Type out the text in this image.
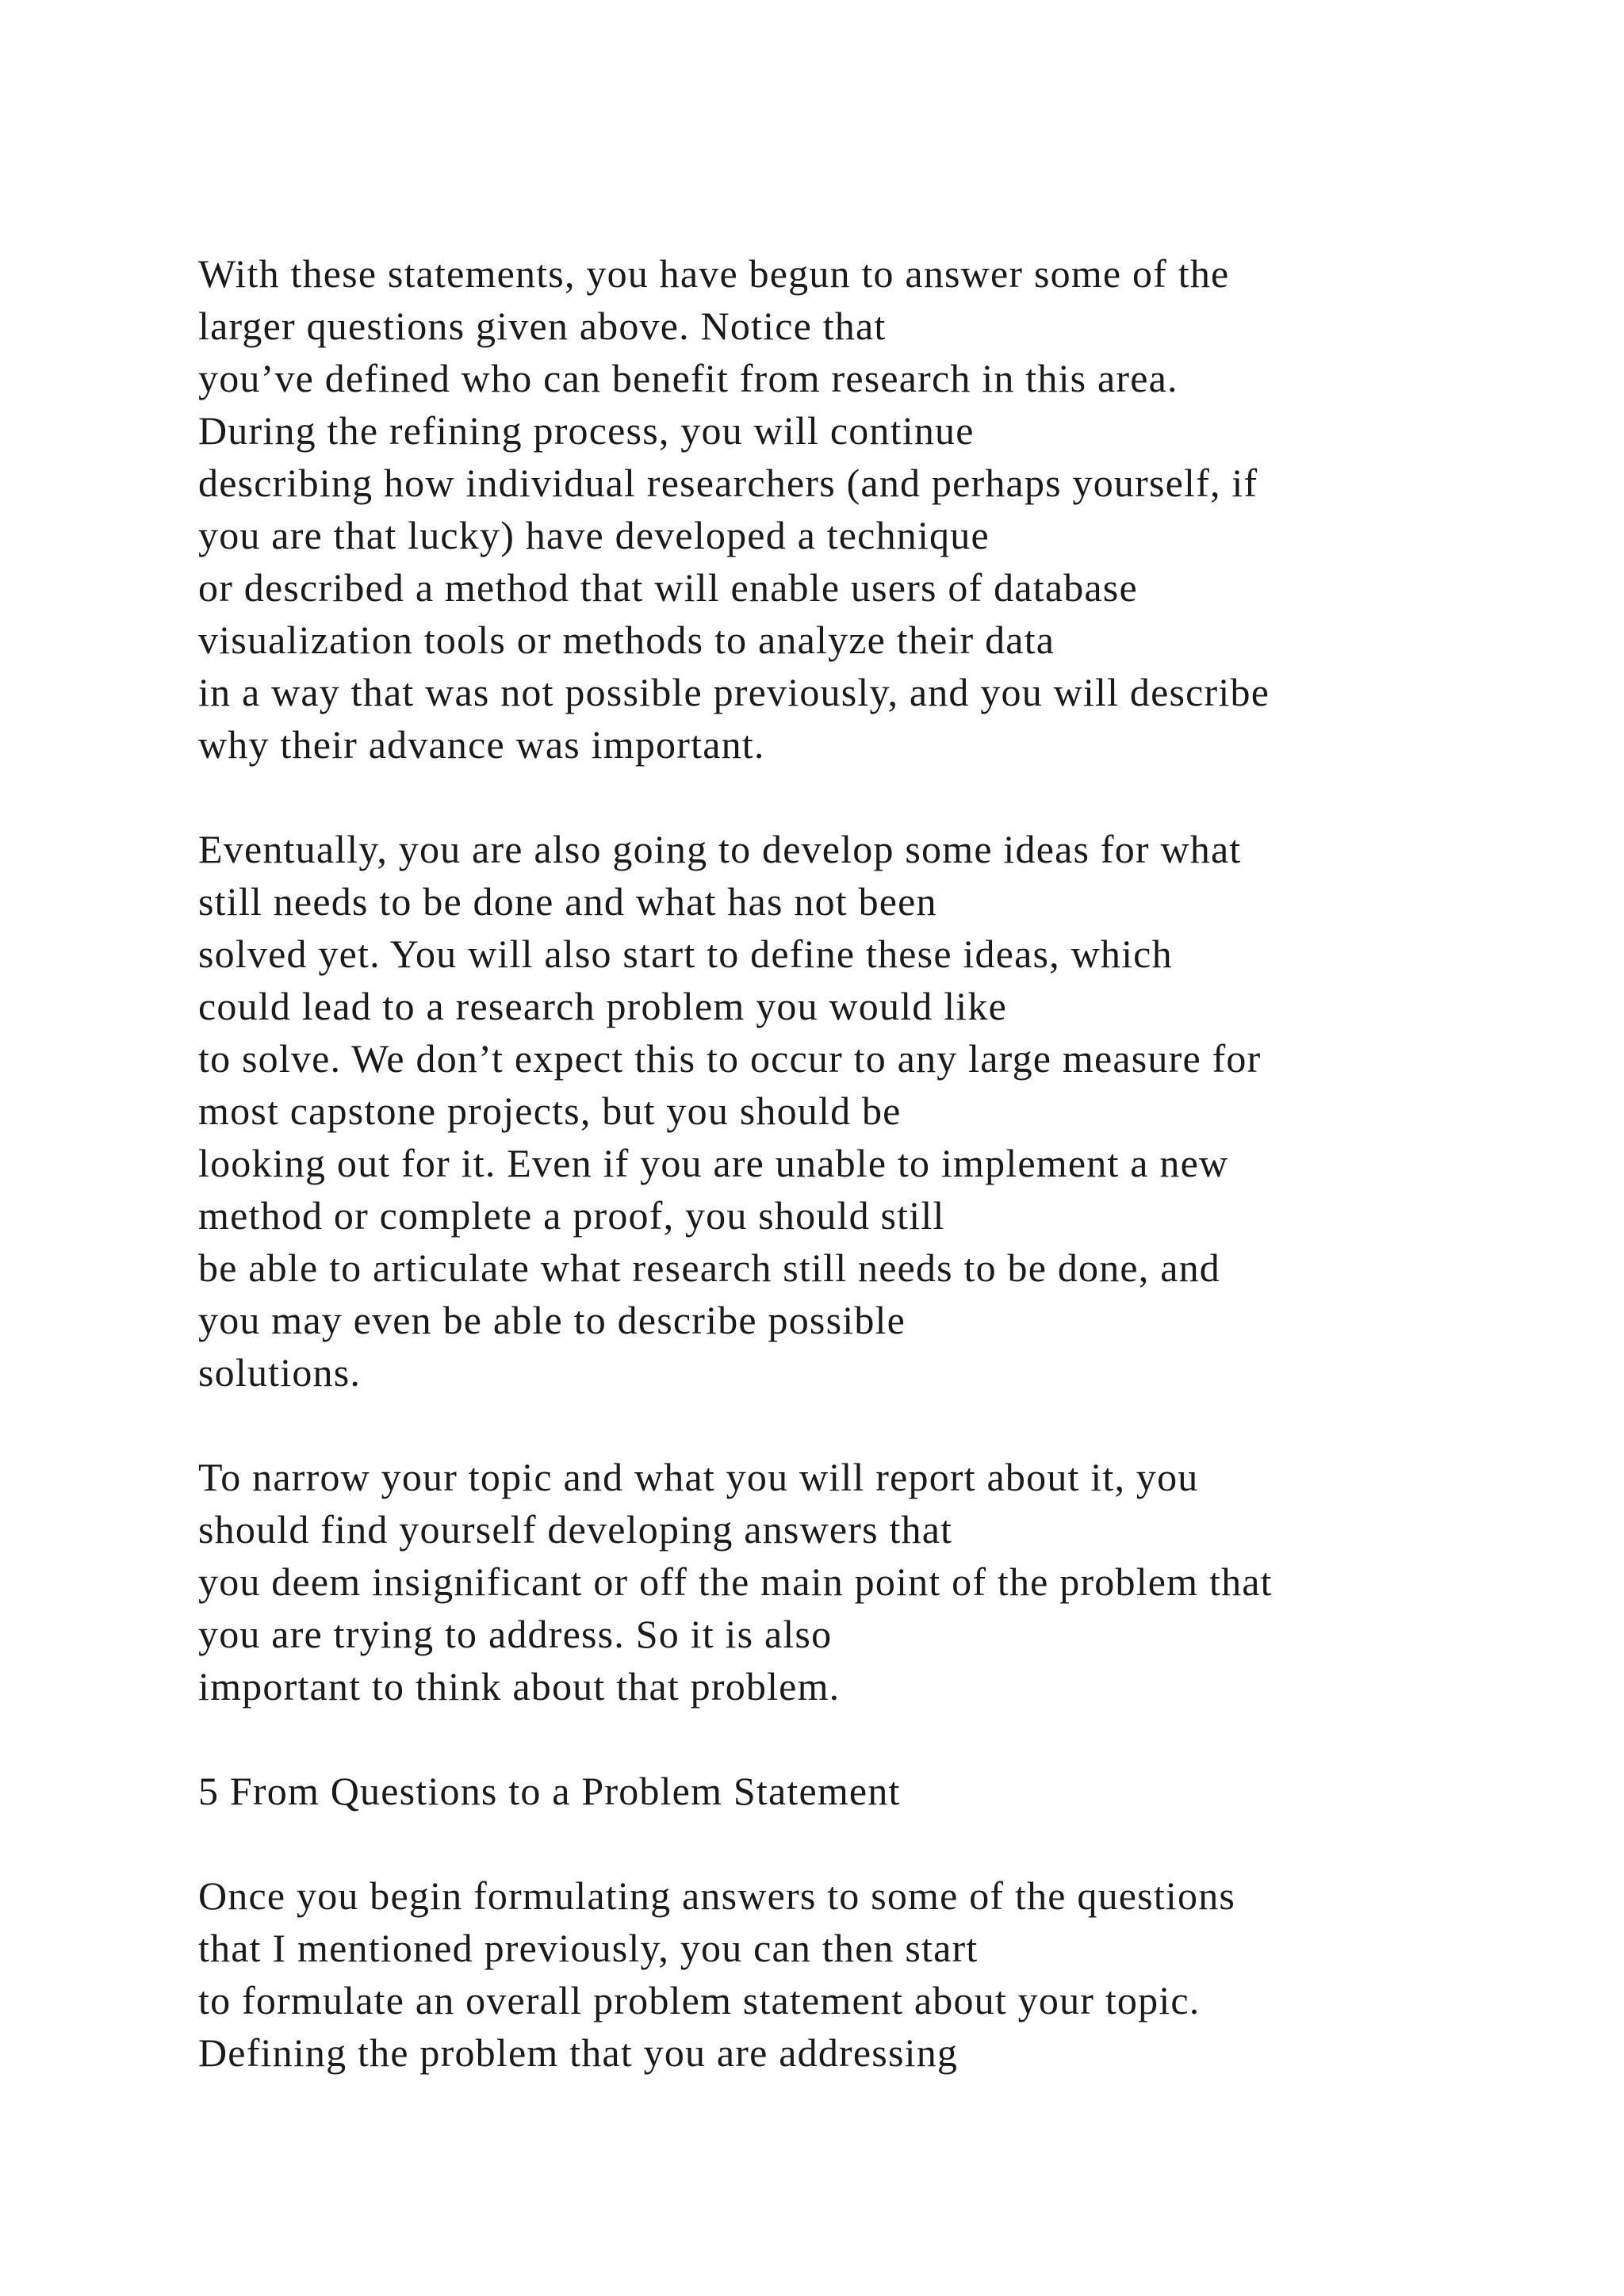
With these statements, you have begun to answer some of the
larger questions given above. Notice that
you’ve defined who can benefit from research in this area.
During the refining process, you will continue
describing how individual researchers (and perhaps yourself, if
you are that lucky) have developed a technique
or described a method that will enable users of database
visualization tools or methods to analyze their data
in a way that was not possible previously, and you will describe
why their advance was important.
Eventually, you are also going to develop some ideas for what
still needs to be done and what has not been
solved yet. You will also start to define these ideas, which
could lead to a research problem you would like
to solve. We don’t expect this to occur to any large measure for
most capstone projects, but you should be
looking out for it. Even if you are unable to implement a new
method or complete a proof, you should still
be able to articulate what research still needs to be done, and
you may even be able to describe possible
solutions.
To narrow your topic and what you will report about it, you
should find yourself developing answers that
you deem insignificant or off the main point of the problem that
you are trying to address. So it is also
important to think about that problem.
5 From Questions to a Problem Statement
Once you begin formulating answers to some of the questions
that I mentioned previously, you can then start
to formulate an overall problem statement about your topic.
Defining the problem that you are addressing
